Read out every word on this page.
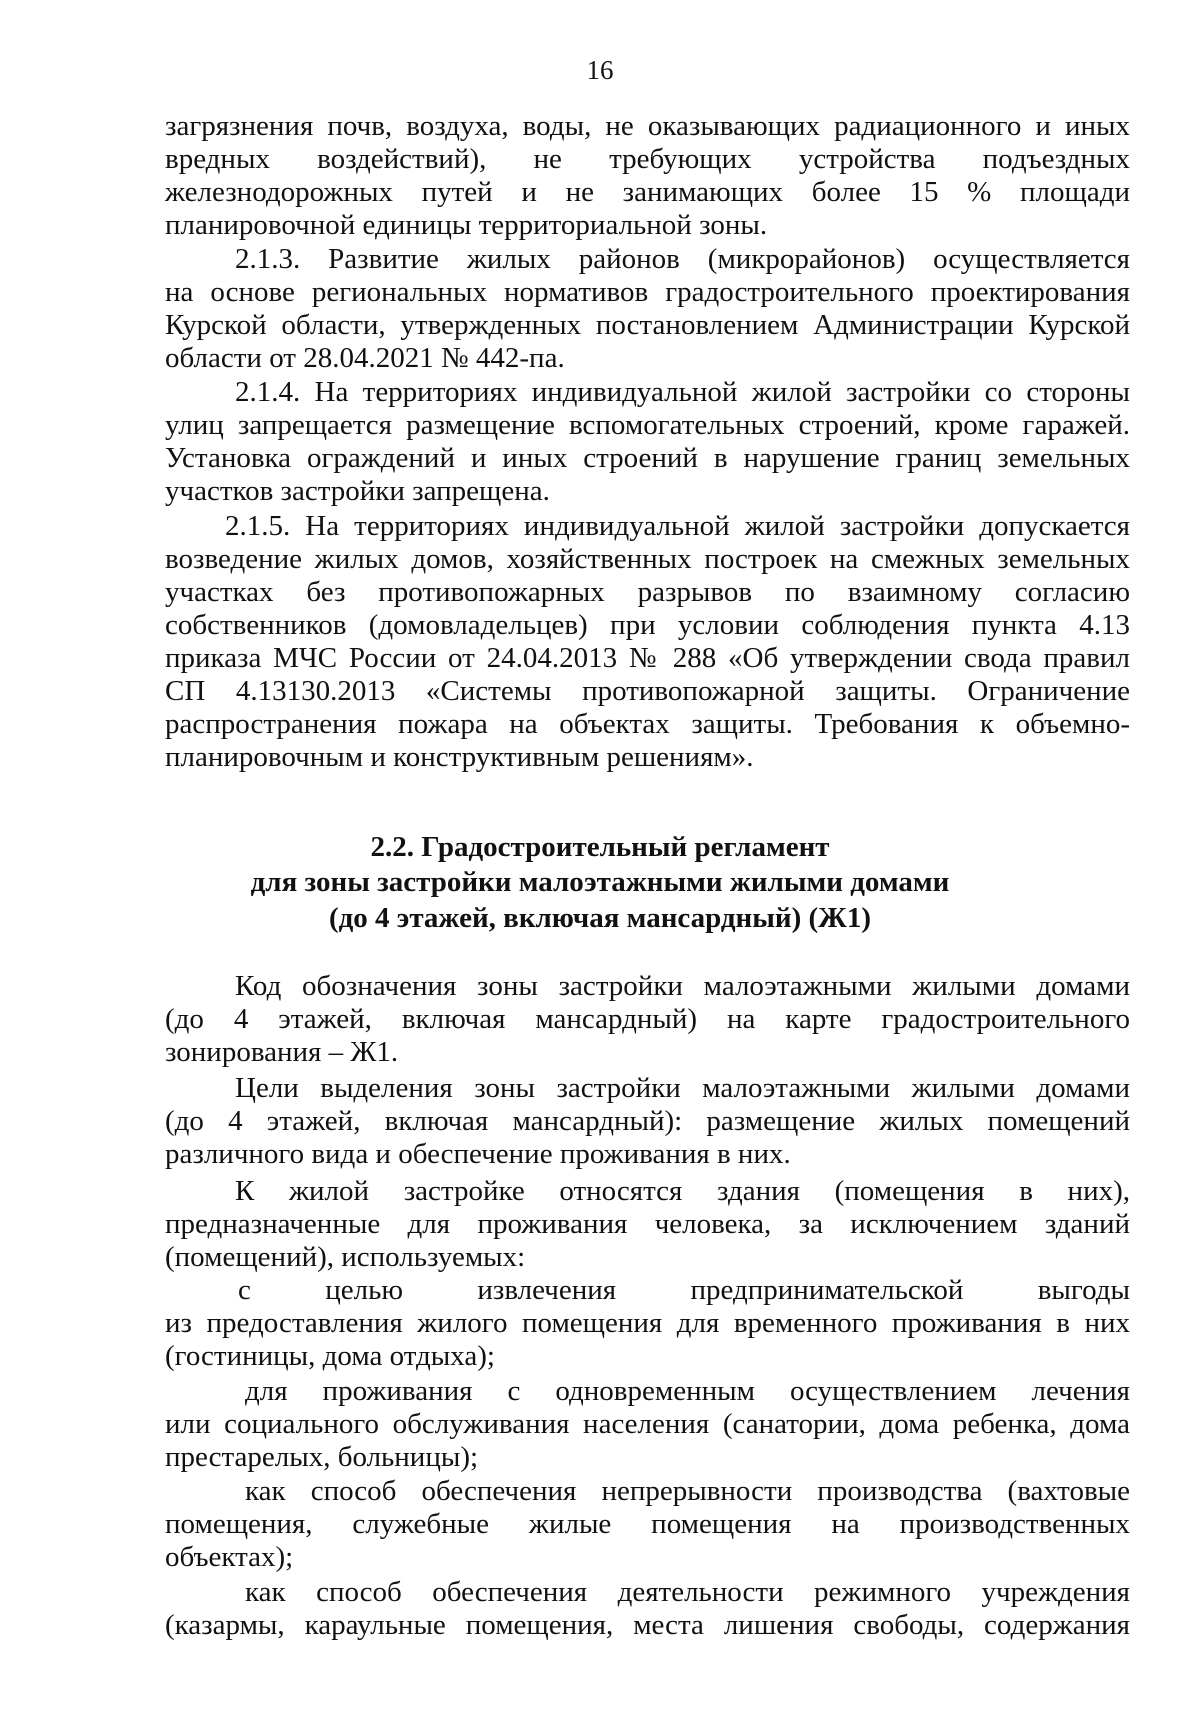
16
загрязнения почв, воздуха, воды, не оказывающих радиационного и иных
вредных воздействий), не требующих устройства подъездных
железнодорожных путей и не занимающих более 15 % площади
планировочной единицы территориальной зоны.
2.1.3. Развитие жилых районов (микрорайонов) осуществляется
на основе региональных нормативов градостроительного проектирования
Курской области, утвержденных постановлением Администрации Курской
области от 28.04.2021 № 442-па.
2.1.4. На территориях индивидуальной жилой застройки со стороны
улиц запрещается размещение вспомогательных строений, кроме гаражей.
Установка ограждений и иных строений в нарушение границ земельных
участков застройки запрещена.
2.1.5. На территориях индивидуальной жилой застройки допускается
возведение жилых домов, хозяйственных построек на смежных земельных
участках без противопожарных разрывов по взаимному согласию
собственников (домовладельцев) при условии соблюдения пункта 4.13
приказа МЧС России от 24.04.2013 № 288 «Об утверждении свода правил
СП 4.13130.2013 «Системы противопожарной защиты. Ограничение
распространения пожара на объектах защиты. Требования к объемно-
планировочным и конструктивным решениям».
2.2. Градостроительный регламент
для зоны застройки малоэтажными жилыми домами
(до 4 этажей, включая мансардный) (Ж1)
Код обозначения зоны застройки малоэтажными жилыми домами
(до 4 этажей, включая мансардный) на карте градостроительного
зонирования – Ж1.
Цели выделения зоны застройки малоэтажными жилыми домами
(до 4 этажей, включая мансардный): размещение жилых помещений
различного вида и обеспечение проживания в них.
К жилой застройке относятся здания (помещения в них),
предназначенные для проживания человека, за исключением зданий
(помещений), используемых:
с целью извлечения предпринимательской выгоды
из предоставления жилого помещения для временного проживания в них
(гостиницы, дома отдыха);
для проживания с одновременным осуществлением лечения
или социального обслуживания населения (санатории, дома ребенка, дома
престарелых, больницы);
как способ обеспечения непрерывности производства (вахтовые
помещения, служебные жилые помещения на производственных
объектах);
как способ обеспечения деятельности режимного учреждения
(казармы, караульные помещения, места лишения свободы, содержания
